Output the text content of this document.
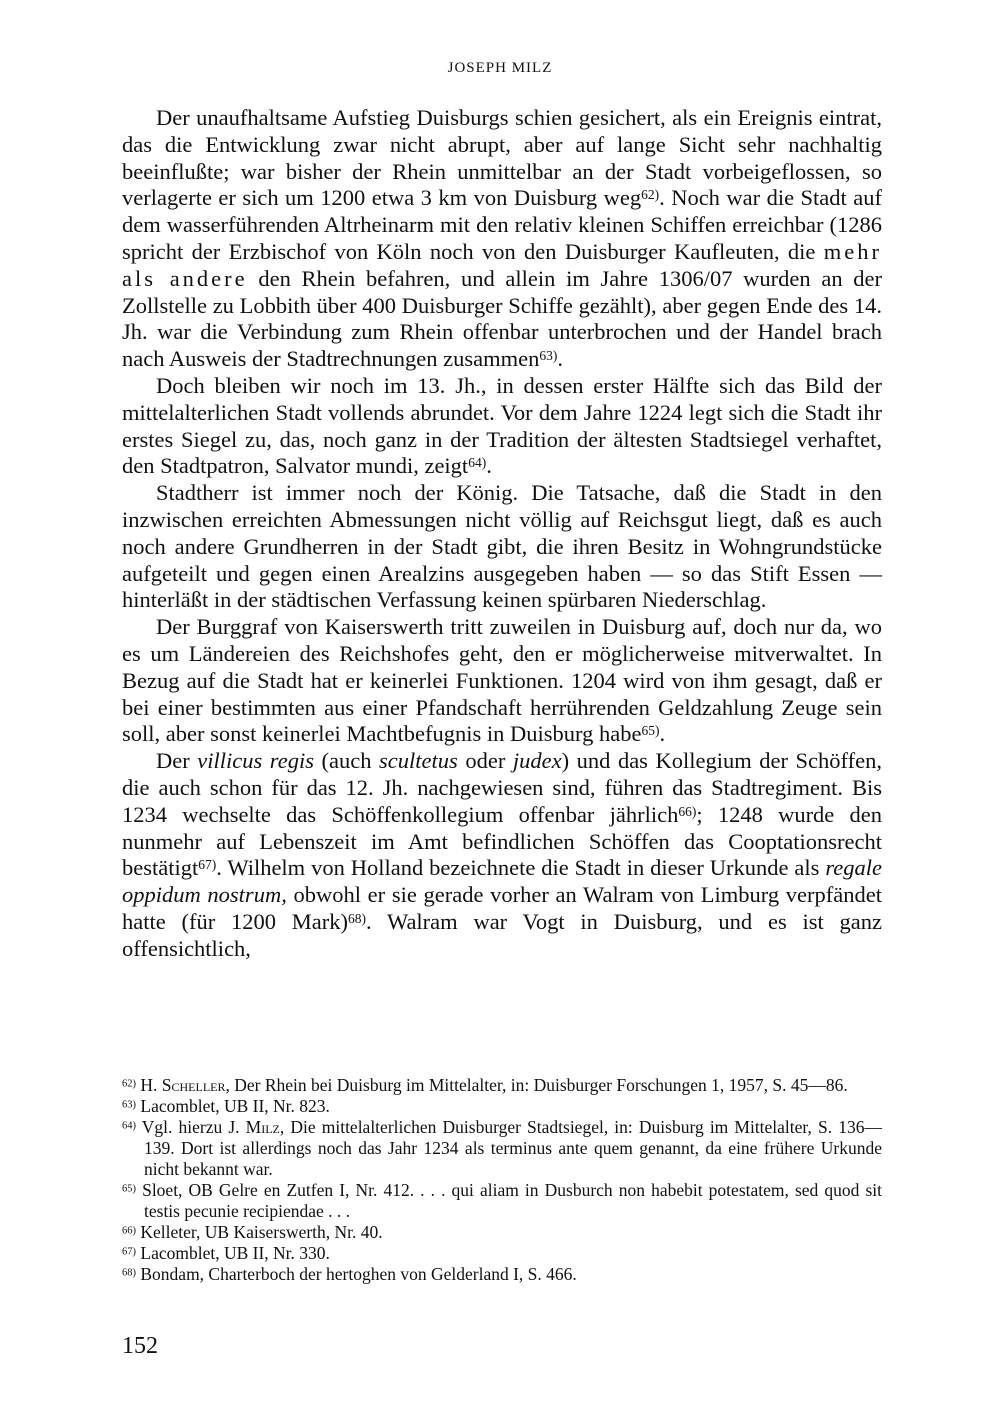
JOSEPH MILZ

Der unaufhaltsame Aufstieg Duisburgs schien gesichert, als ein Ereignis eintrat, das die Entwicklung zwar nicht abrupt, aber auf lange Sicht sehr nachhaltig beeinflußte; war bisher der Rhein unmittelbar an der Stadt vorbeigeflossen, so verlagerte er sich um 1200 etwa 3 km von Duisburg weg$^{62)}$. Noch war die Stadt auf dem wasserführenden Altrheinarm mit den relativ kleinen Schiffen erreichbar (1286 spricht der Erzbischof von Köln noch von den Duisburger Kaufleuten, die mehr als andere den Rhein befahren, und allein im Jahre 1306/07 wurden an der Zollstelle zu Lobbith über 400 Duisburger Schiffe gezählt), aber gegen Ende des 14. Jh. war die Verbindung zum Rhein offenbar unterbrochen und der Handel brach nach Ausweis der Stadtrechnungen zusammen$^{63)}$.

Doch bleiben wir noch im 13. Jh., in dessen erster Hälfte sich das Bild der mittelalterlichen Stadt vollends abrundet. Vor dem Jahre 1224 legt sich die Stadt ihr erstes Siegel zu, das, noch ganz in der Tradition der ältesten Stadtsiegel verhaftet, den Stadtpatron, Salvator mundi, zeigt$^{64)}$.

Stadtherr ist immer noch der König. Die Tatsache, daß die Stadt in den inzwischen erreichten Abmessungen nicht völlig auf Reichsgut liegt, daß es auch noch andere Grundherren in der Stadt gibt, die ihren Besitz in Wohngrundstücke aufgeteilt und gegen einen Arealzins ausgegeben haben — so das Stift Essen — hinterläßt in der städtischen Verfassung keinen spürbaren Niederschlag.

Der Burggraf von Kaiserswerth tritt zuweilen in Duisburg auf, doch nur da, wo es um Ländereien des Reichshofes geht, den er möglicherweise mitverwaltet. In Bezug auf die Stadt hat er keinerlei Funktionen. 1204 wird von ihm gesagt, daß er bei einer bestimmten aus einer Pfandschaft herrührenden Geldzahlung Zeuge sein soll, aber sonst keinerlei Machtbefugnis in Duisburg habe$^{65)}$.

Der villicus regis (auch scultetus oder judex) und das Kollegium der Schöffen, die auch schon für das 12. Jh. nachgewiesen sind, führen das Stadtregiment. Bis 1234 wechselte das Schöffenkollegium offenbar jährlich$^{66)}$; 1248 wurde den nunmehr auf Lebenszeit im Amt befindlichen Schöffen das Cooptationsrecht bestätigt$^{67)}$. Wilhelm von Holland bezeichnete die Stadt in dieser Urkunde als regale oppidum nostrum, obwohl er sie gerade vorher an Walram von Limburg verpfändet hatte (für 1200 Mark)$^{68)}$. Walram war Vogt in Duisburg, und es ist ganz offensichtlich,

$^{62)}$ H. Scheller, Der Rhein bei Duisburg im Mittelalter, in: Duisburger Forschungen 1, 1957, S. 45—86.

$^{63)}$ Lacomblet, UB II, Nr. 823.

$^{64)}$ Vgl. hierzu J. Milz, Die mittelalterlichen Duisburger Stadtsiegel, in: Duisburg im Mittelalter, S. 136—139. Dort ist allerdings noch das Jahr 1234 als terminus ante quem genannt, da eine frühere Urkunde nicht bekannt war.

$^{65)}$ Sloet, OB Gelre en Zutfen I, Nr. 412. . . . qui aliam in Dusburch non habebit potestatem, sed quod sit testis pecunie recipiendae . . .

$^{66)}$ Kelleter, UB Kaiserswerth, Nr. 40.

$^{67)}$ Lacomblet, UB II, Nr. 330.

$^{68)}$ Bondam, Charterboch der hertoghen von Gelderland I, S. 466.

152
